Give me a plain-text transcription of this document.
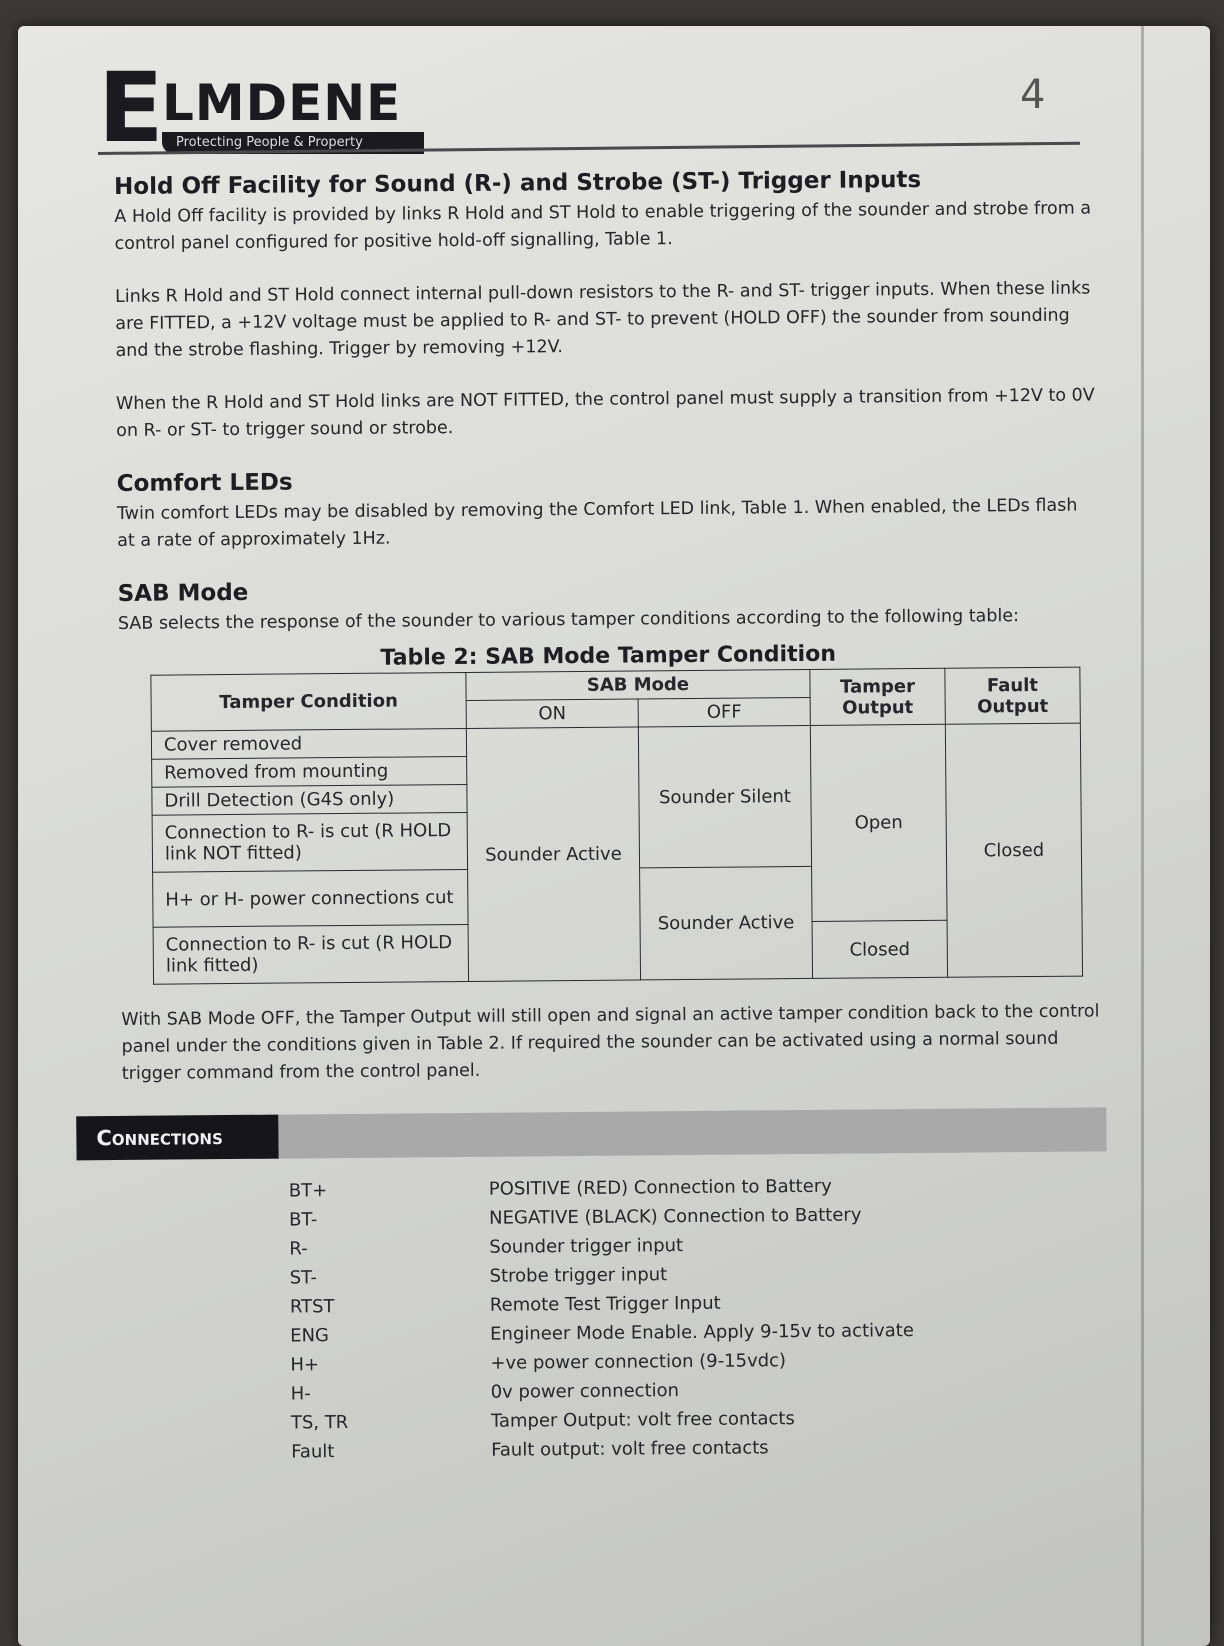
E LMDENE
Protecting People & Property
4
Hold Off Facility for Sound (R-) and Strobe (ST-) Trigger Inputs

A Hold Off facility is provided by links R Hold and ST Hold to enable triggering of the sounder and strobe from a control panel configured for positive hold-off signalling, Table 1.

Links R Hold and ST Hold connect internal pull-down resistors to the R- and ST- trigger inputs. When these links are FITTED, a +12V voltage must be applied to R- and ST- to prevent (HOLD OFF) the sounder from sounding and the strobe flashing. Trigger by removing +12V.

When the R Hold and ST Hold links are NOT FITTED, the control panel must supply a transition from +12V to 0V on R- or ST- to trigger sound or strobe.

Comfort LEDs

Twin comfort LEDs may be disabled by removing the Comfort LED link, Table 1. When enabled, the LEDs flash at a rate of approximately 1Hz.

SAB Mode

SAB selects the response of the sounder to various tamper conditions according to the following table:

Table 2: SAB Mode Tamper Condition
Tamper Condition	SAB Mode		Tamper Output	Fault Output
	ON	OFF		
Cover removed	Sounder Active	Sounder Silent	Open	Closed
Removed from mounting				
Drill Detection (G4S only)				
Connection to R- is cut (R HOLD link NOT fitted)				
H+ or H- power connections cut		Sounder Active		
Connection to R- is cut (R HOLD link fitted)			Closed	

With SAB Mode OFF, the Tamper Output will still open and signal an active tamper condition back to the control panel under the conditions given in Table 2. If required the sounder can be activated using a normal sound trigger command from the control panel.

Connections
BT+	POSITIVE (RED) Connection to Battery
BT-	NEGATIVE (BLACK) Connection to Battery
R-	Sounder trigger input
ST-	Strobe trigger input
RTST	Remote Test Trigger Input
ENG	Engineer Mode Enable. Apply 9-15v to activate
H+	+ve power connection (9-15vdc)
H-	0v power connection
TS, TR	Tamper Output: volt free contacts
Fault	Fault output: volt free contacts
